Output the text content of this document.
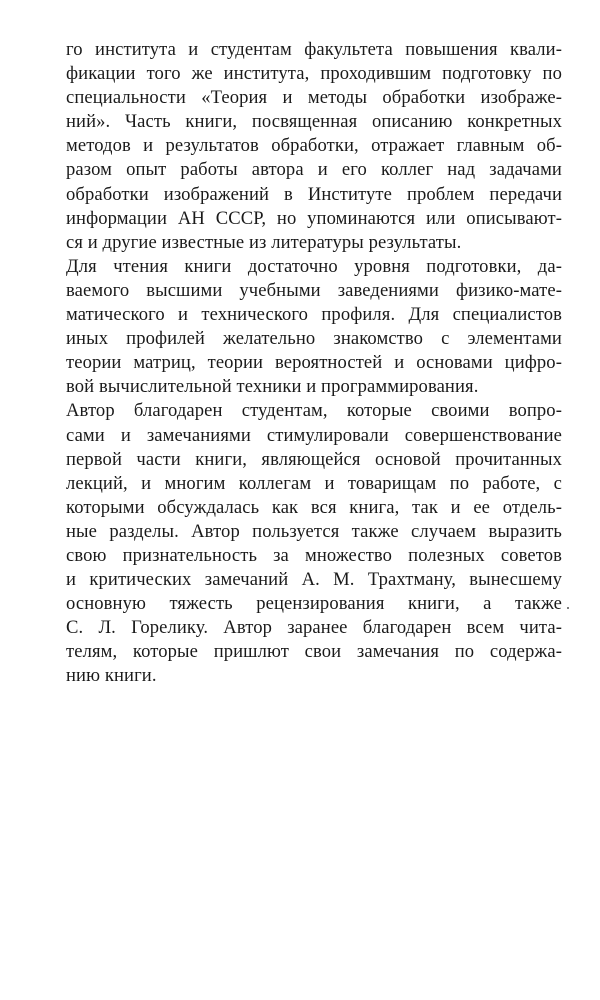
го института и студентам факультета повышения квали-
фикации того же института, проходившим подготовку по
специальности «Теория и методы обработки изображе-
ний». Часть книги, посвященная описанию конкретных
методов и результатов обработки, отражает главным об-
разом опыт работы автора и его коллег над задачами
обработки изображений в Институте проблем передачи
информации АН СССР, но упоминаются или описывают-
ся и другие известные из литературы результаты.
Для чтения книги достаточно уровня подготовки, да-
ваемого высшими учебными заведениями физико-мате-
матического и технического профиля. Для специалистов
иных профилей желательно знакомство с элементами
теории матриц, теории вероятностей и основами цифро-
вой вычислительной техники и программирования.
Автор благодарен студентам, которые своими вопро-
сами и замечаниями стимулировали совершенствование
первой части книги, являющейся основой прочитанных
лекций, и многим коллегам и товарищам по работе, с
которыми обсуждалась как вся книга, так и ее отдель-
ные разделы. Автор пользуется также случаем выразить
свою признательность за множество полезных советов
и критических замечаний А. М. Трахтману, вынесшему
основную тяжесть рецензирования книги, а также
С. Л. Горелику. Автор заранее благодарен всем чита-
телям, которые пришлют свои замечания по содержа-
нию книги.
